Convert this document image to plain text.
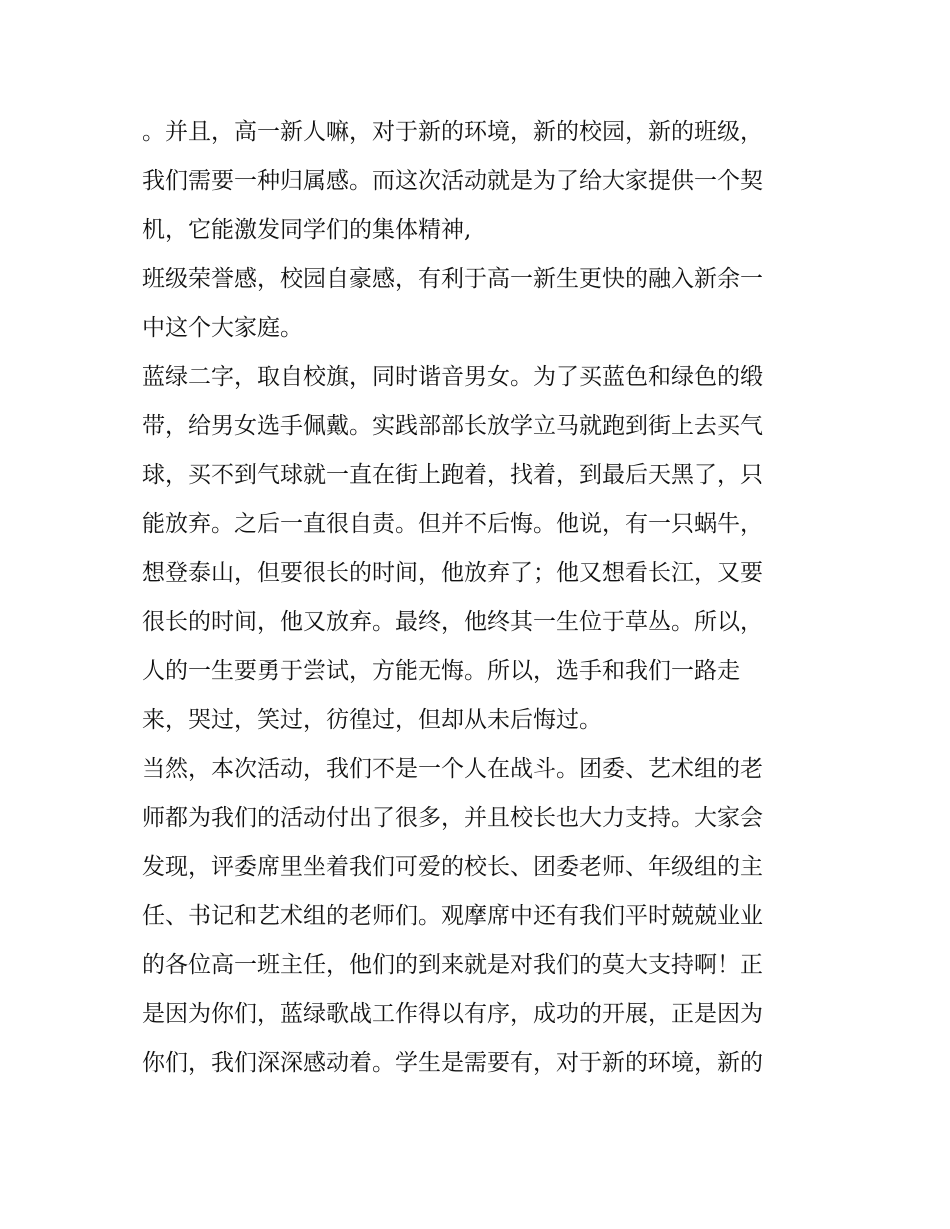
。并且，高一新人嘛，对于新的环境，新的校园，新的班级，
我们需要一种归属感。而这次活动就是为了给大家提供一个契
机，它能激发同学们的集体精神,
班级荣誉感，校园自豪感，有利于高一新生更快的融入新余一
中这个大家庭。
蓝绿二字，取自校旗，同时谐音男女。为了买蓝色和绿色的缎
带，给男女选手佩戴。实践部部长放学立马就跑到街上去买气
球，买不到气球就一直在街上跑着，找着，到最后天黑了，只
能放弃。之后一直很自责。但并不后悔。他说，有一只蜗牛，
想登泰山，但要很长的时间，他放弃了；他又想看长江，又要
很长的时间，他又放弃。最终，他终其一生位于草丛。所以，
人的一生要勇于尝试，方能无悔。所以，选手和我们一路走
来，哭过，笑过，彷徨过，但却从未后悔过。
当然，本次活动，我们不是一个人在战斗。团委、艺术组的老
师都为我们的活动付出了很多，并且校长也大力支持。大家会
发现，评委席里坐着我们可爱的校长、团委老师、年级组的主
任、书记和艺术组的老师们。观摩席中还有我们平时兢兢业业
的各位高一班主任，他们的到来就是对我们的莫大支持啊！正
是因为你们，蓝绿歌战工作得以有序，成功的开展，正是因为
你们，我们深深感动着。学生是需要有，对于新的环境，新的
